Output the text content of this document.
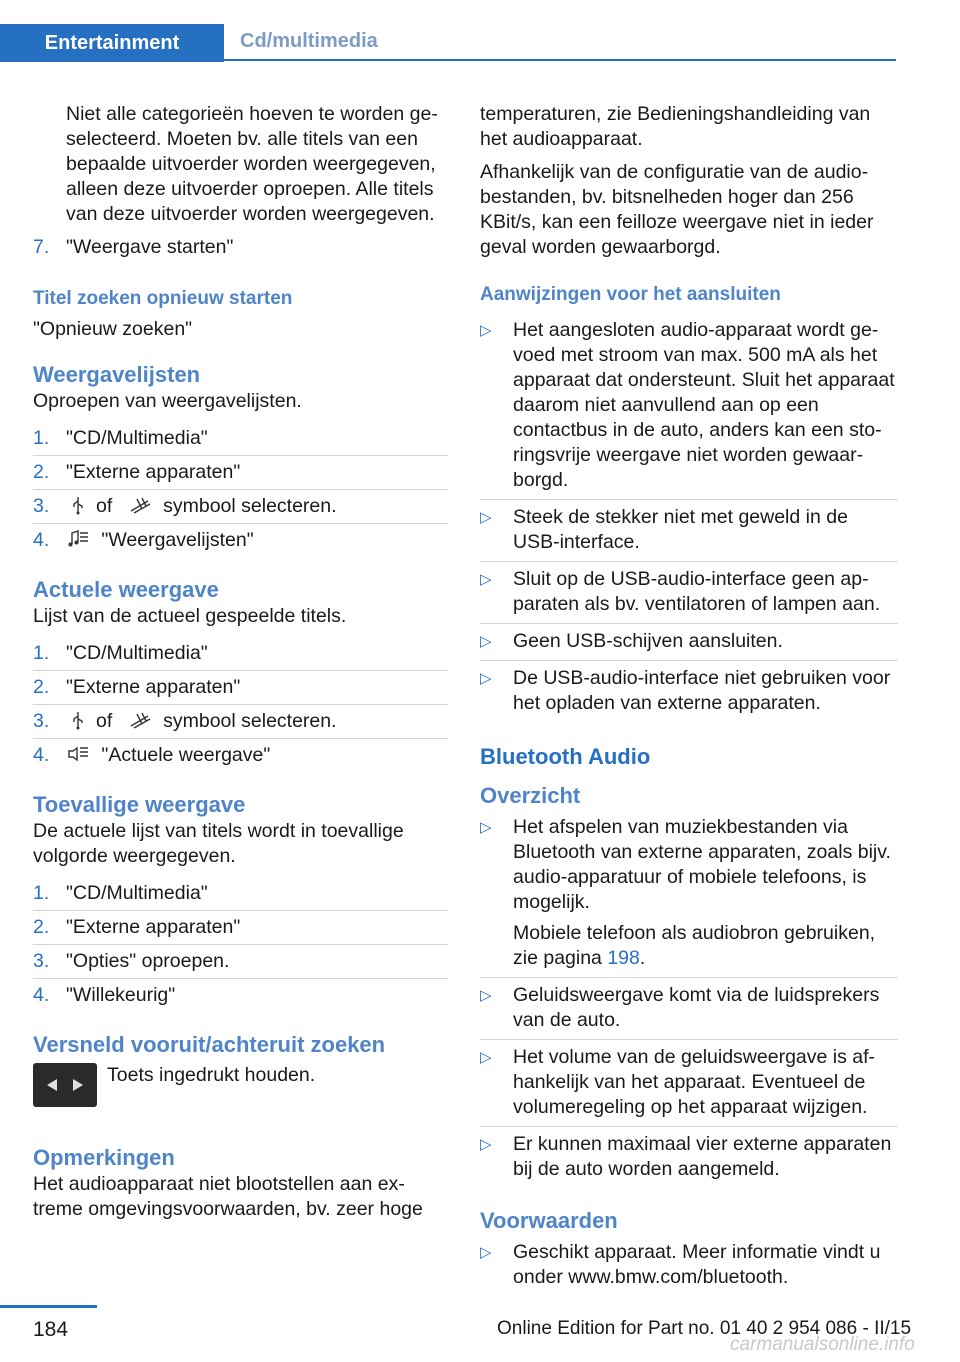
Entertainment	Cd/multimedia

Niet alle categorieën hoeven te worden geselecteerd. Moeten bv. alle titels van een bepaalde uitvoerder worden weergegeven, alleen deze uitvoerder oproepen. Alle titels van deze uitvoerder worden weergegeven.

7. "Weergave starten"
Titel zoeken opnieuw starten

"Opnieuw zoeken"

Weergavelijsten

Oproepen van weergavelijsten.

1. "CD/Multimedia"
2. "Externe apparaten"
3.	of	symbool selecteren.
4.	"Weergavelijsten"
Actuele weergave

Lijst van de actueel gespeelde titels.

1. "CD/Multimedia"
2. "Externe apparaten"
3.	of	symbool selecteren.
4.	"Actuele weergave"
Toevallige weergave

De actuele lijst van titels wordt in toevallige volgorde weergegeven.

1. "CD/Multimedia"
2. "Externe apparaten"
3. "Opties" oproepen.
4. "Willekeurig"
Versneld vooruit/achteruit zoeken
Toets ingedrukt houden.
Opmerkingen

Het audioapparaat niet blootstellen aan extreme omgevingsvoorwaarden, bv. zeer hoge

temperaturen, zie Bedieningshandleiding van het audioapparaat.

Afhankelijk van de configuratie van de audiobestanden, bv. bitsnelheden hoger dan 256 KBit/s, kan een feilloze weergave niet in ieder geval worden gewaarborgd.

Aanwijzingen voor het aansluiten
▷	Het aangesloten audio-apparaat wordt gevoed met stroom van max. 500 mA als het apparaat dat ondersteunt. Sluit het apparaat daarom niet aanvullend aan op een contactbus in de auto, anders kan een storingsvrije weergave niet worden gewaarborgd.

▷	Steek de stekker niet met geweld in de USB-interface.

▷	Sluit op de USB-audio-interface geen apparaten als bv. ventilatoren of lampen aan.

▷	Geen USB-schijven aansluiten.

▷	De USB-audio-interface niet gebruiken voor het opladen van externe apparaten.

Bluetooth Audio
Overzicht
▷	Het afspelen van muziekbestanden via Bluetooth van externe apparaten, zoals bijv. audio-apparatuur of mobiele telefoons, is mogelijk.

Mobiele telefoon als audiobron gebruiken, zie pagina 198.

▷	Geluidsweergave komt via de luidsprekers van de auto.

▷	Het volume van de geluidsweergave is afhankelijk van het apparaat. Eventueel de volumeregeling op het apparaat wijzigen.

▷	Er kunnen maximaal vier externe apparaten bij de auto worden aangemeld.

Voorwaarden
▷	Geschikt apparaat. Meer informatie vindt u onder www.bmw.com/bluetooth.

184	Online Edition for Part no. 01 40 2 954 086 - II/15
carmanualsonline.info
